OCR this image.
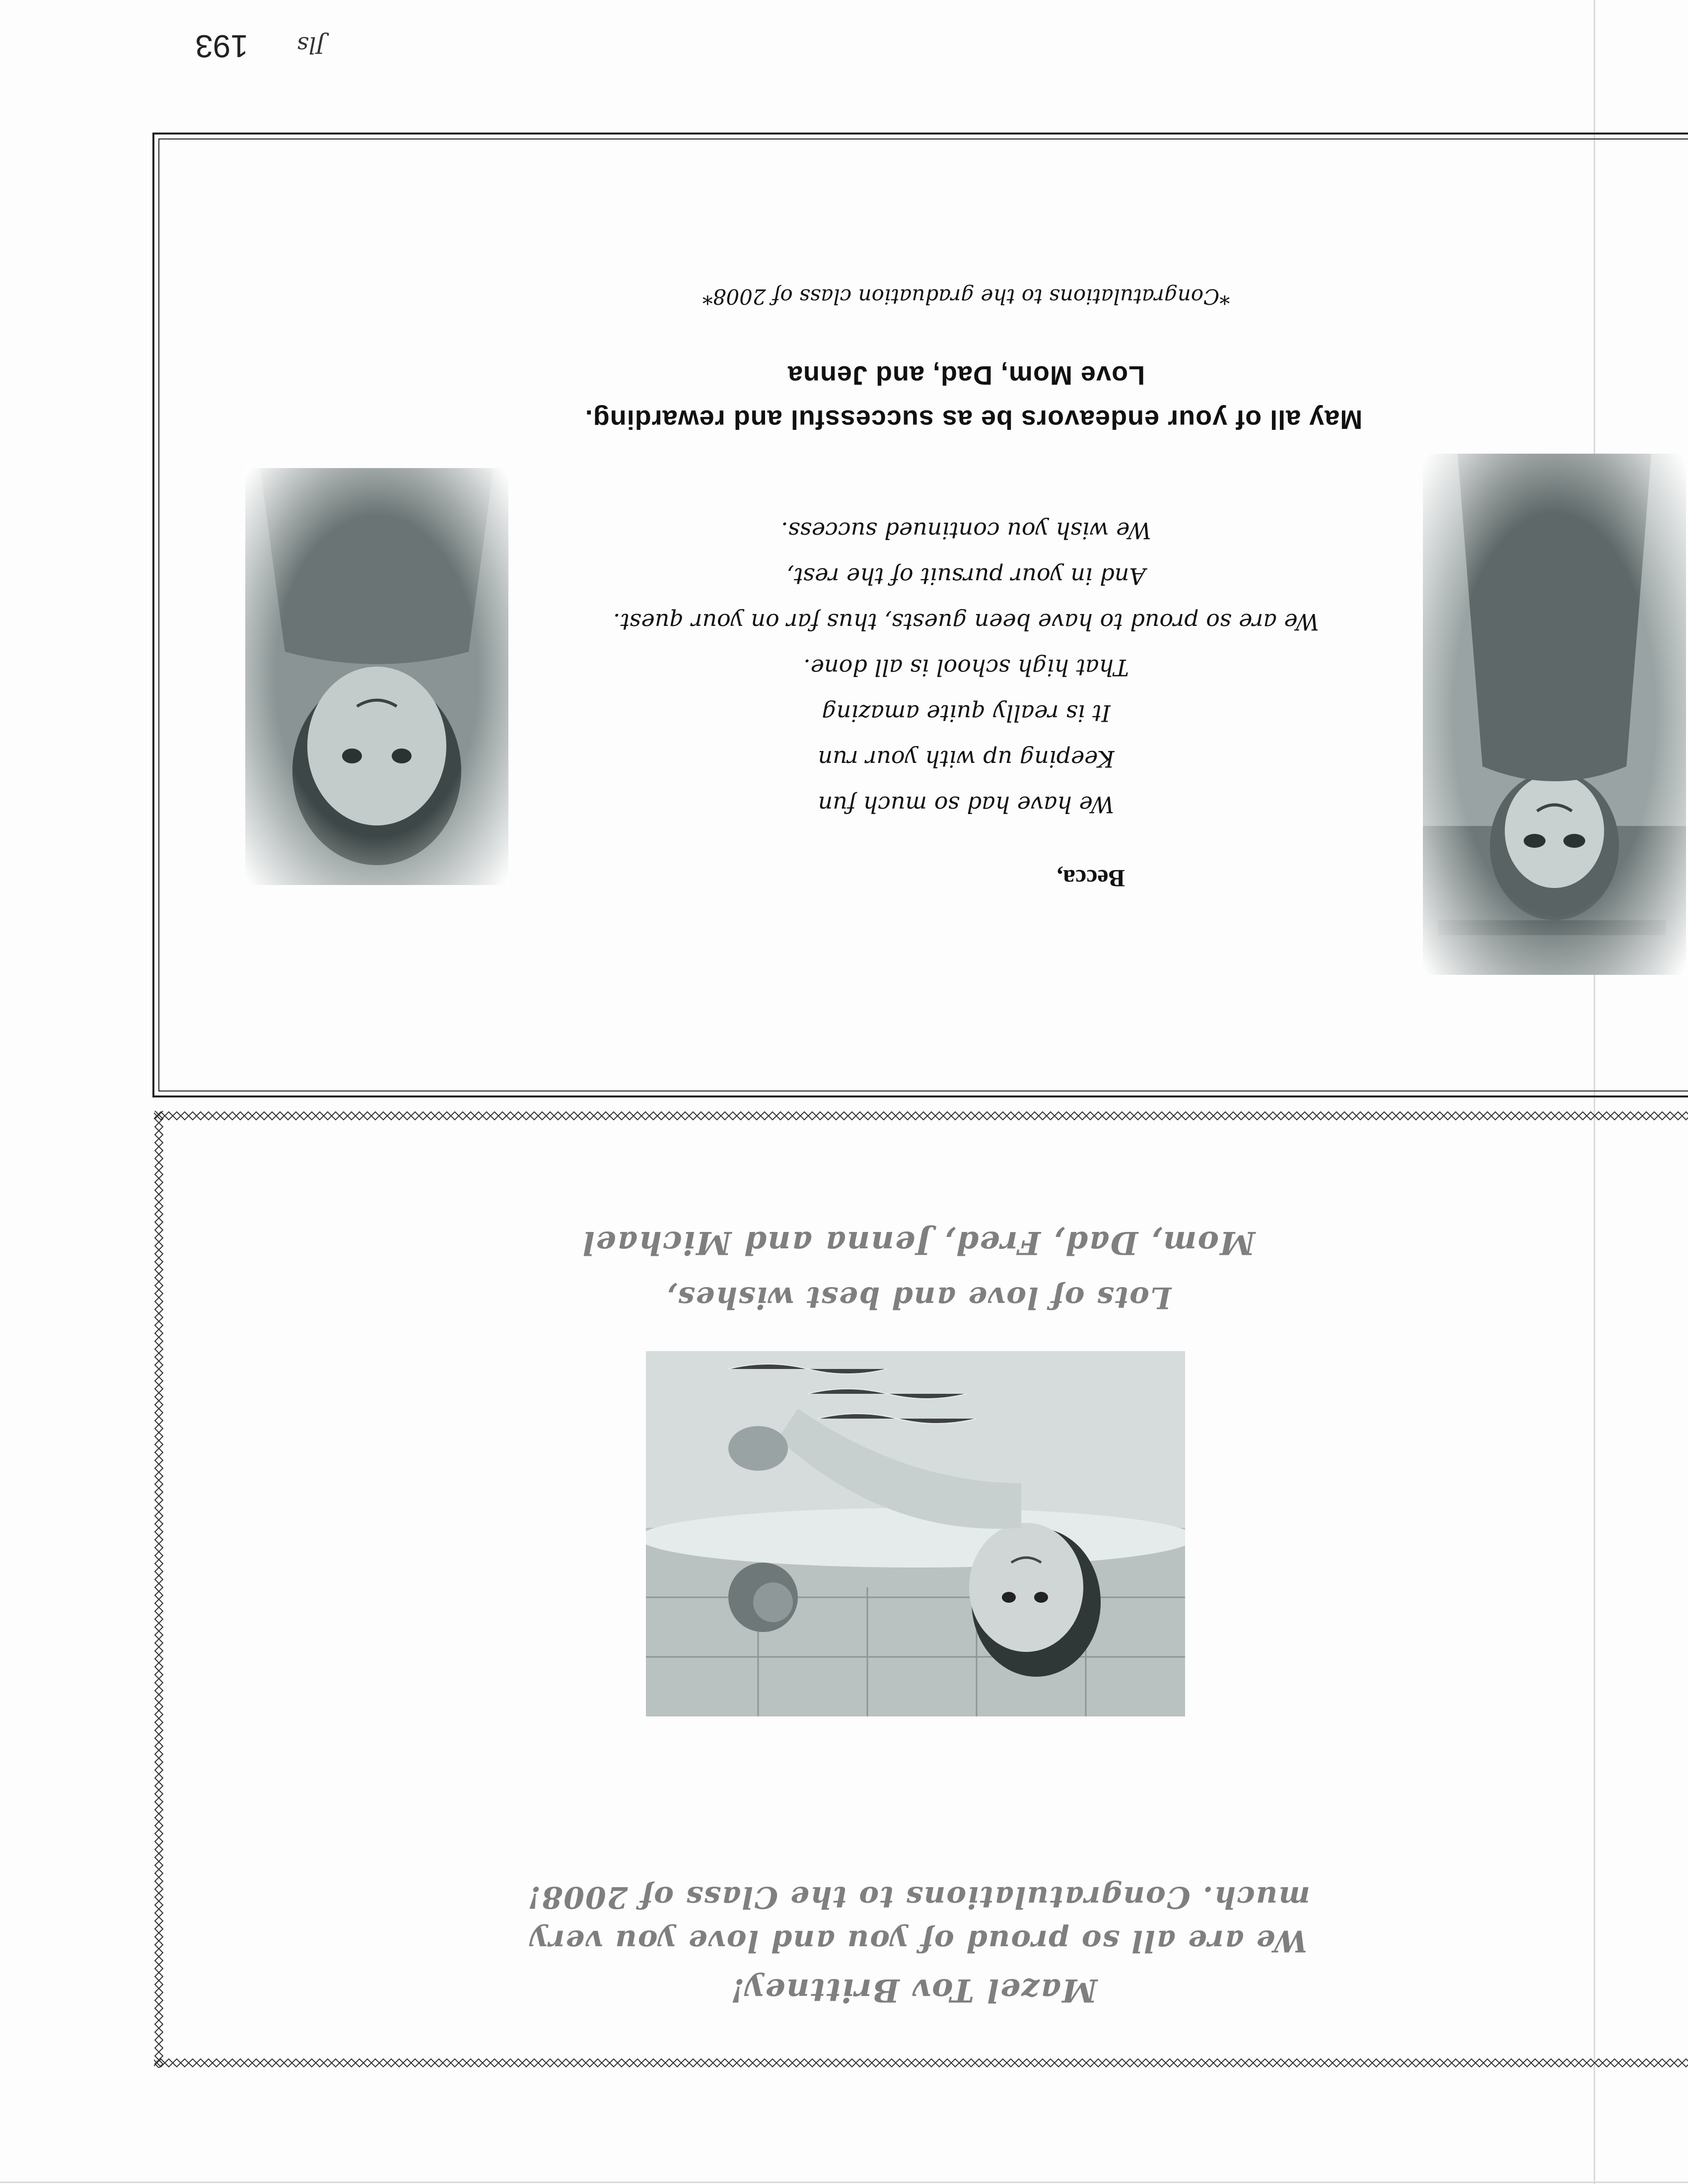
Becca,
We have had so much fun
Keeping up with your run
It is really quite amazing
That high school is all done.
We are so proud to have been guests, thus far on your quest.
And in your pursuit of the rest,
We wish you continued success.
May all of your endeavors be as successful and rewarding.
Love Mom, Dad, and Jenna
*Congratulations to the graduation class of 2008*
Mazel Tov Brittney!
We are all so proud of you and love you very
much. Congratulations to the Class of 2008!
Lots of love and best wishes,
Mom, Dad, Fred, Jenna and Michael
193 Jls
